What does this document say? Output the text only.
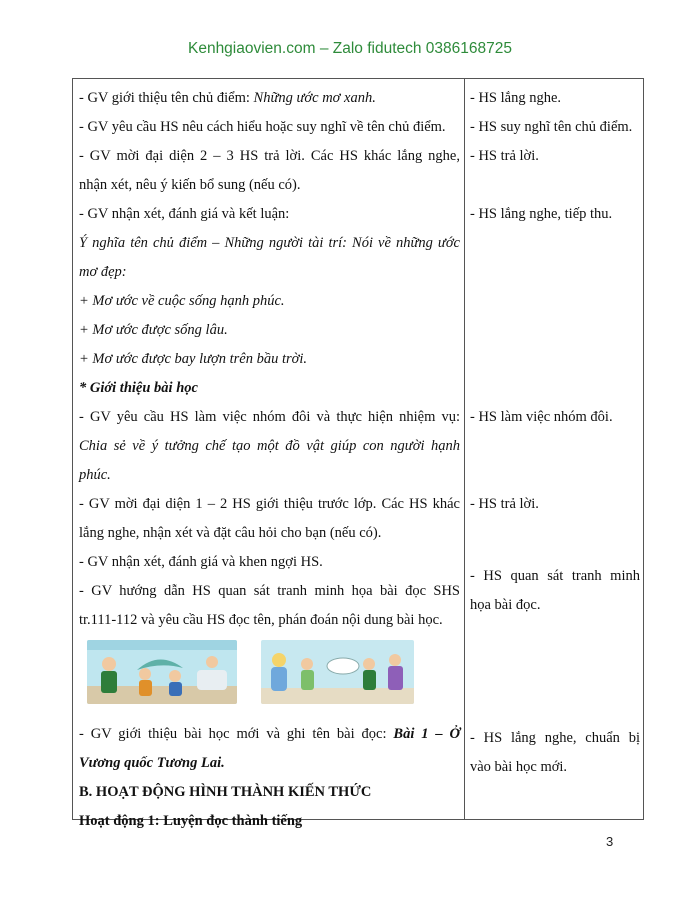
Kenhgiaovien.com – Zalo fidutech 0386168725
- GV giới thiệu tên chủ điểm: Những ước mơ xanh.
- GV yêu cầu HS nêu cách hiểu hoặc suy nghĩ về tên chủ điểm.
- GV mời đại diện 2 – 3 HS trả lời. Các HS khác lắng nghe,
nhận xét, nêu ý kiến bổ sung (nếu có).
- GV nhận xét, đánh giá và kết luận:
Ý nghĩa tên chủ điểm – Những người tài trí: Nói về những ước
mơ đẹp:
+ Mơ ước về cuộc sống hạnh phúc.
+ Mơ ước được sống lâu.
+ Mơ ước được bay lượn trên bầu trời.
* Giới thiệu bài học
- GV yêu cầu HS làm việc nhóm đôi và thực hiện nhiệm vụ:
Chia sẻ về ý tưởng chế tạo một đồ vật giúp con người hạnh
phúc.
- GV mời đại diện 1 – 2 HS giới thiệu trước lớp. Các HS khác
lắng nghe, nhận xét và đặt câu hỏi cho bạn (nếu có).
- GV nhận xét, đánh giá và khen ngợi HS.
- GV hướng dẫn HS quan sát tranh minh họa bài đọc SHS
tr.111-112 và yêu cầu HS đọc tên, phán đoán nội dung bài học.
- GV giới thiệu bài học mới và ghi tên bài đọc: Bài 1 – Ở
Vương quốc Tương Lai.
B. HOẠT ĐỘNG HÌNH THÀNH KIẾN THỨC
Hoạt động 1: Luyện đọc thành tiếng
- HS lắng nghe.
- HS suy nghĩ tên chủ điểm.
- HS trả lời.
- HS lắng nghe, tiếp thu.
- HS làm việc nhóm đôi.
- HS trả lời.
- HS quan sát tranh minh
họa bài đọc.
- HS lắng nghe, chuẩn bị
vào bài học mới.
3
